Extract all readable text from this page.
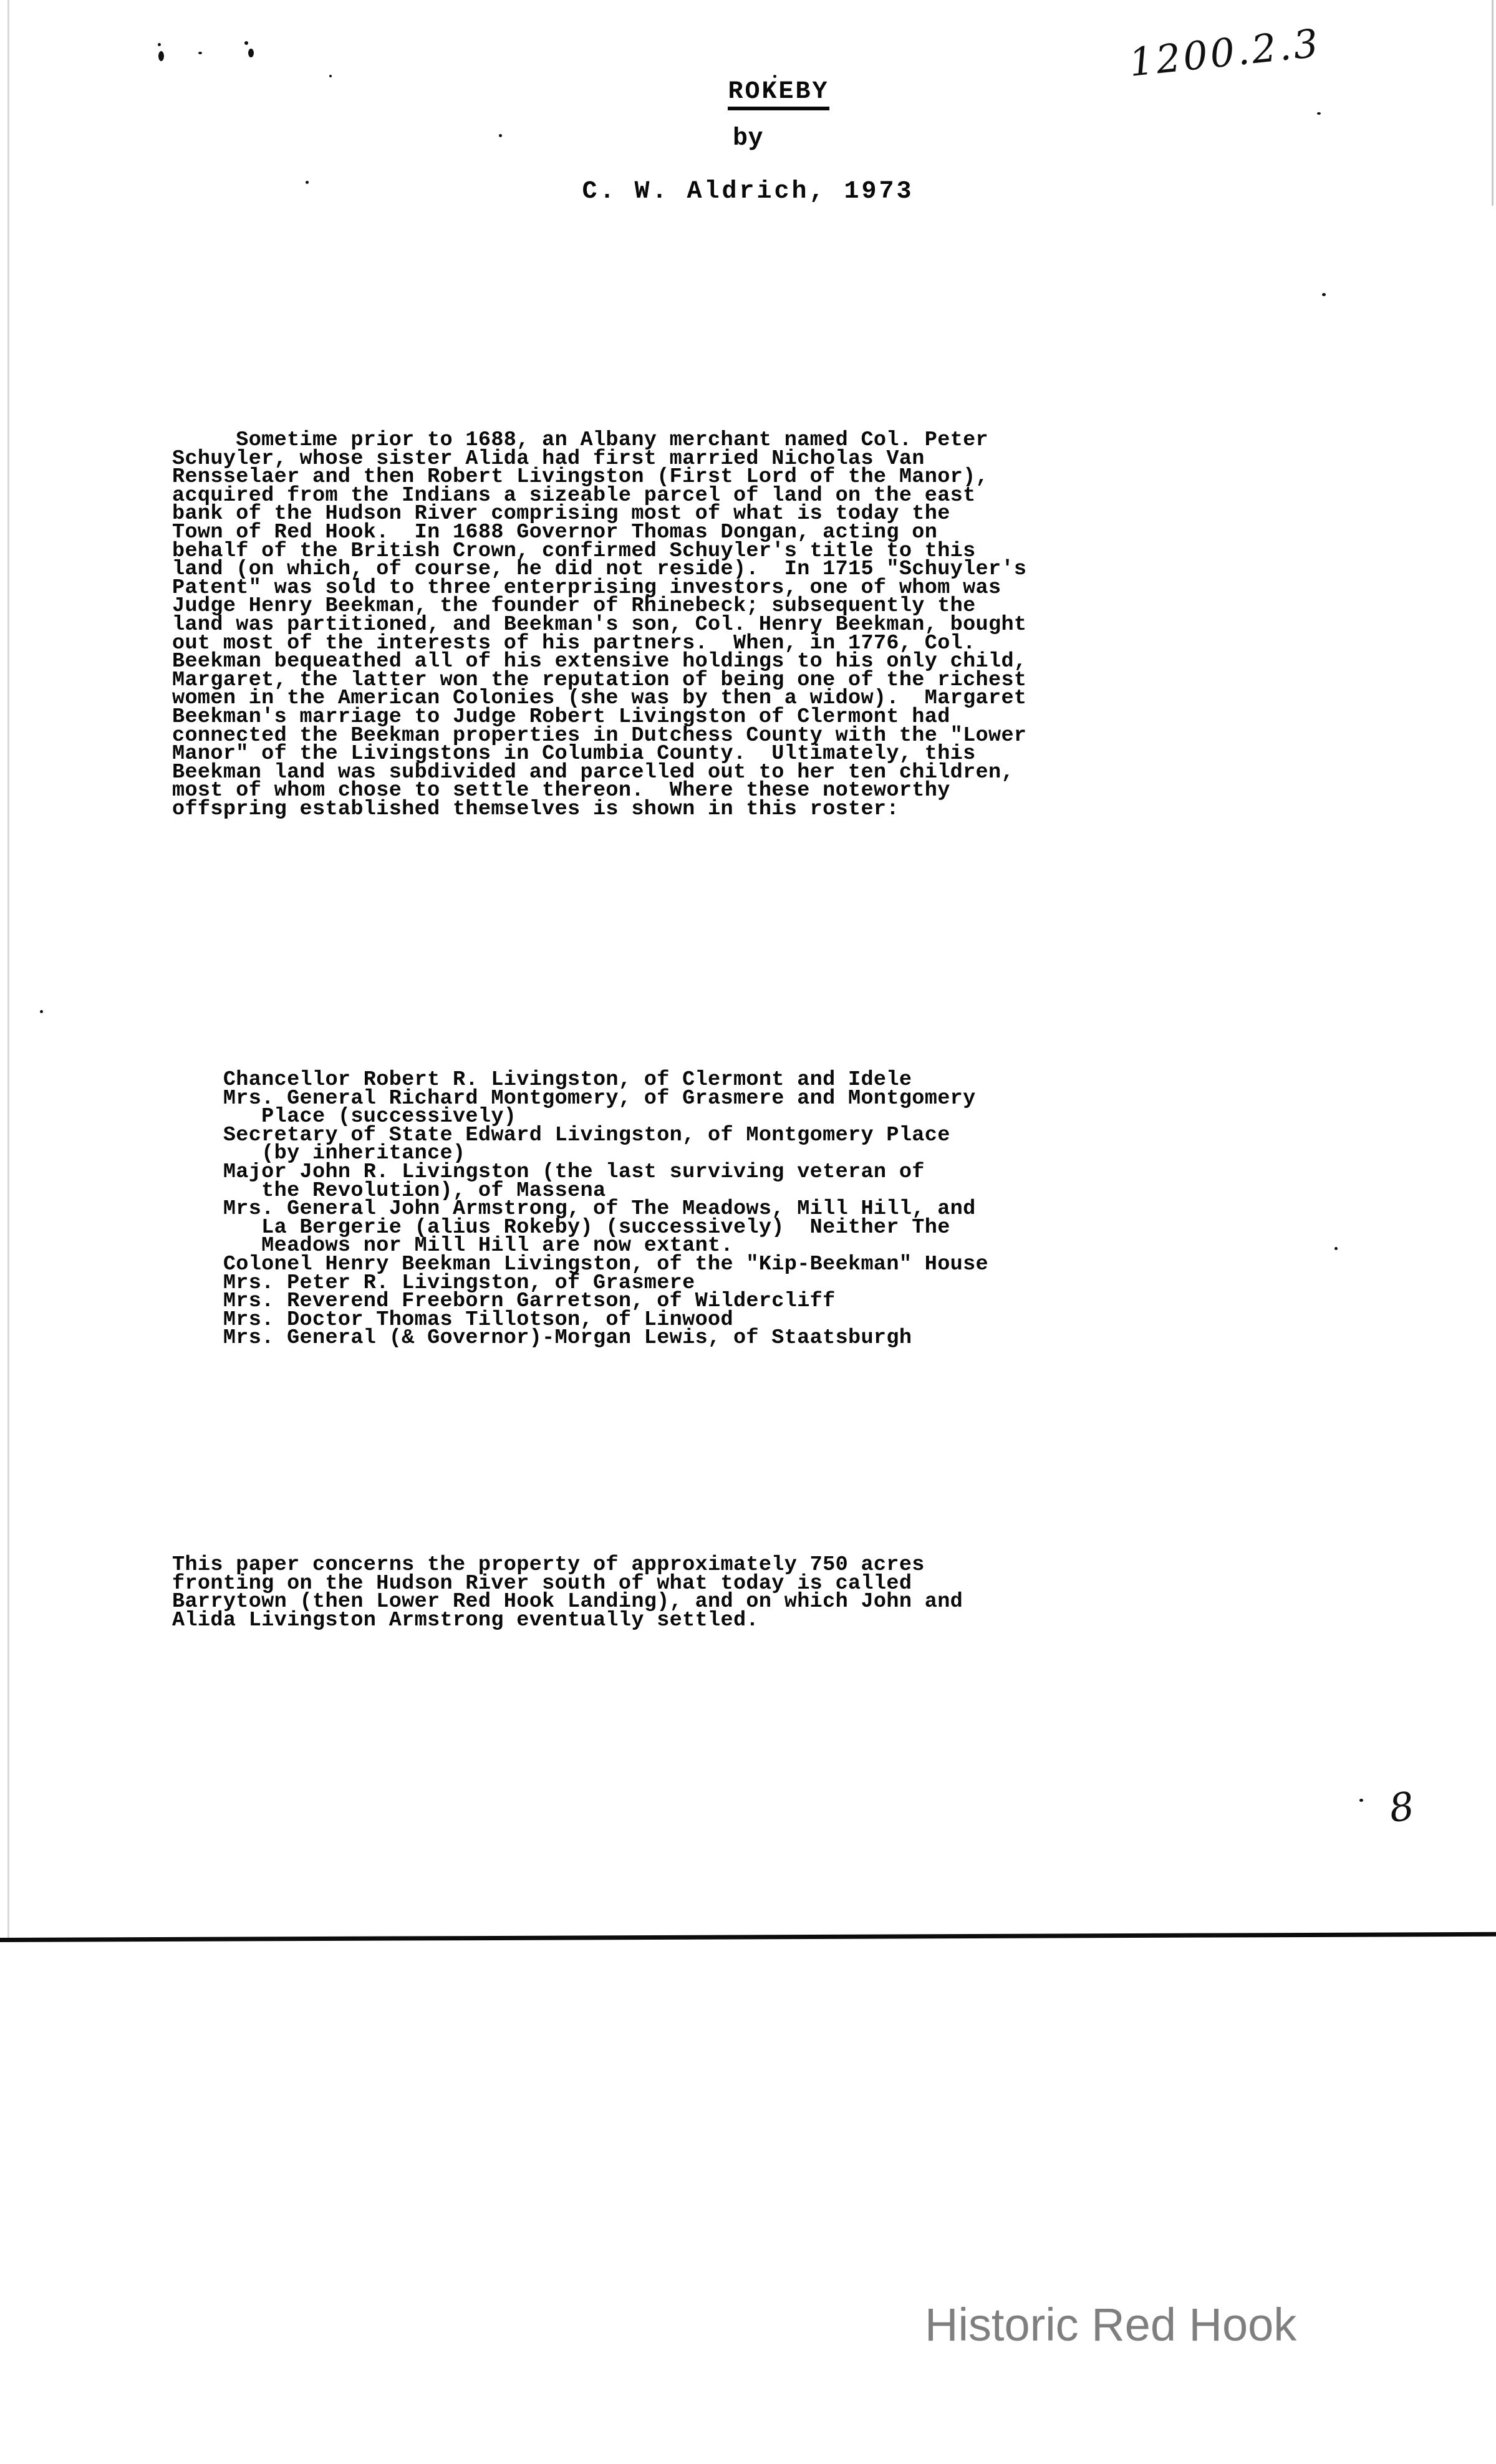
ROKEBY

by
C. W. Aldrich, 1973
1200.2.3
Sometime prior to 1688, an Albany merchant named Col. Peter
Schuyler, whose sister Alida had first married Nicholas Van
Rensselaer and then Robert Livingston (First Lord of the Manor),
acquired from the Indians a sizeable parcel of land on the east
bank of the Hudson River comprising most of what is today the
Town of Red Hook.  In 1688 Governor Thomas Dongan, acting on
behalf of the British Crown, confirmed Schuyler's title to this
land (on which, of course, he did not reside).  In 1715 "Schuyler's
Patent" was sold to three enterprising investors, one of whom was
Judge Henry Beekman, the founder of Rhinebeck; subsequently the
land was partitioned, and Beekman's son, Col. Henry Beekman, bought
out most of the interests of his partners.  When, in 1776, Col.
Beekman bequeathed all of his extensive holdings to his only child,
Margaret, the latter won the reputation of being one of the richest
women in the American Colonies (she was by then a widow).  Margaret
Beekman's marriage to Judge Robert Livingston of Clermont had
connected the Beekman properties in Dutchess County with the "Lower
Manor" of the Livingstons in Columbia County.  Ultimately, this
Beekman land was subdivided and parcelled out to her ten children,
most of whom chose to settle thereon.  Where these noteworthy
offspring established themselves is shown in this roster:
Chancellor Robert R. Livingston, of Clermont and Idele
Mrs. General Richard Montgomery, of Grasmere and Montgomery
Place (successively)
Secretary of State Edward Livingston, of Montgomery Place
(by inheritance)
Major John R. Livingston (the last surviving veteran of
the Revolution), of Massena
Mrs. General John Armstrong, of The Meadows, Mill Hill, and
La Bergerie (alius Rokeby) (successively)  Neither The
Meadows nor Mill Hill are now extant.
Colonel Henry Beekman Livingston, of the "Kip-Beekman" House
Mrs. Peter R. Livingston, of Grasmere
Mrs. Reverend Freeborn Garretson, of Wildercliff
Mrs. Doctor Thomas Tillotson, of Linwood
Mrs. General (& Governor)-Morgan Lewis, of Staatsburgh
This paper concerns the property of approximately 750 acres
fronting on the Hudson River south of what today is called
Barrytown (then Lower Red Hook Landing), and on which John and
Alida Livingston Armstrong eventually settled.
8
Historic Red Hook
